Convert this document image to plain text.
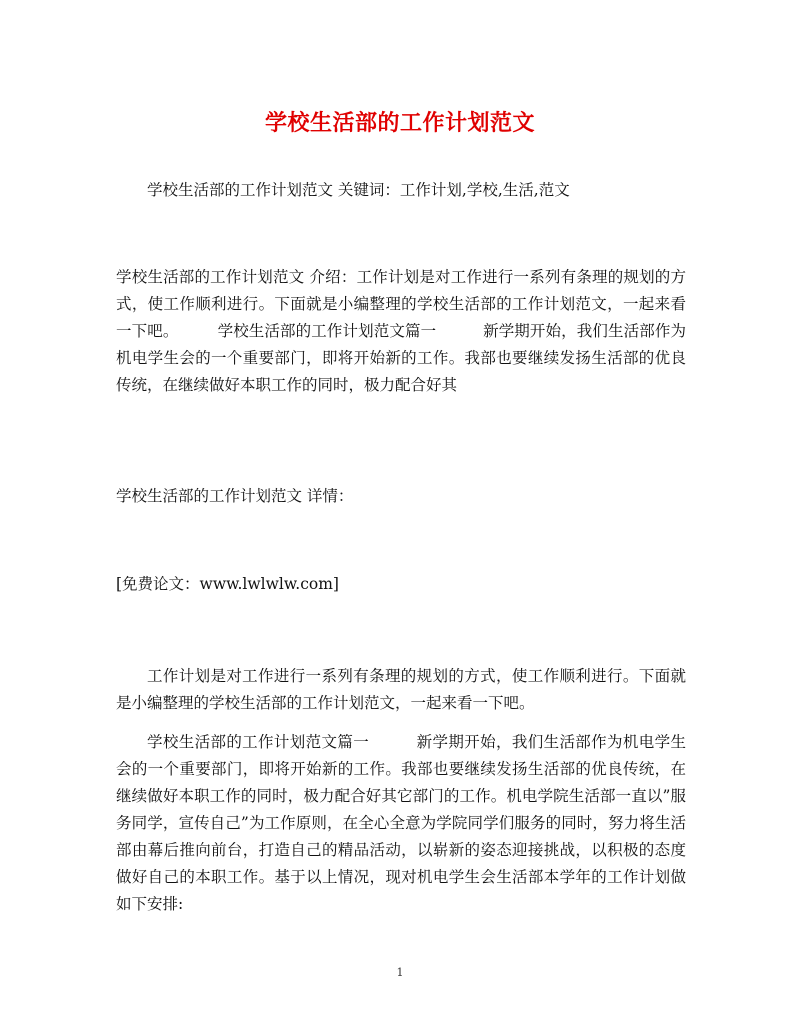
学校生活部的工作计划范文

学校生活部的工作计划范文 关键词：工作计划,学校,生活,范文

学校生活部的工作计划范文 介绍：工作计划是对工作进行一系列有条理的规划的方式，使工作顺利进行。下面就是小编整理的学校生活部的工作计划范文，一起来看一下吧。　　　学校生活部的工作计划范文篇一　　　新学期开始，我们生活部作为机电学生会的一个重要部门，即将开始新的工作。我部也要继续发扬生活部的优良传统，在继续做好本职工作的同时，极力配合好其

学校生活部的工作计划范文 详情：

[免费论文：www.lwlwlw.com]

工作计划是对工作进行一系列有条理的规划的方式，使工作顺利进行。下面就是小编整理的学校生活部的工作计划范文，一起来看一下吧。

学校生活部的工作计划范文篇一　　　新学期开始，我们生活部作为机电学生会的一个重要部门，即将开始新的工作。我部也要继续发扬生活部的优良传统，在继续做好本职工作的同时，极力配合好其它部门的工作。机电学院生活部一直以”服务同学，宣传自己”为工作原则，在全心全意为学院同学们服务的同时，努力将生活部由幕后推向前台，打造自己的精品活动，以崭新的姿态迎接挑战，以积极的态度做好自己的本职工作。基于以上情况，现对机电学生会生活部本学年的工作计划做如下安排:

1
